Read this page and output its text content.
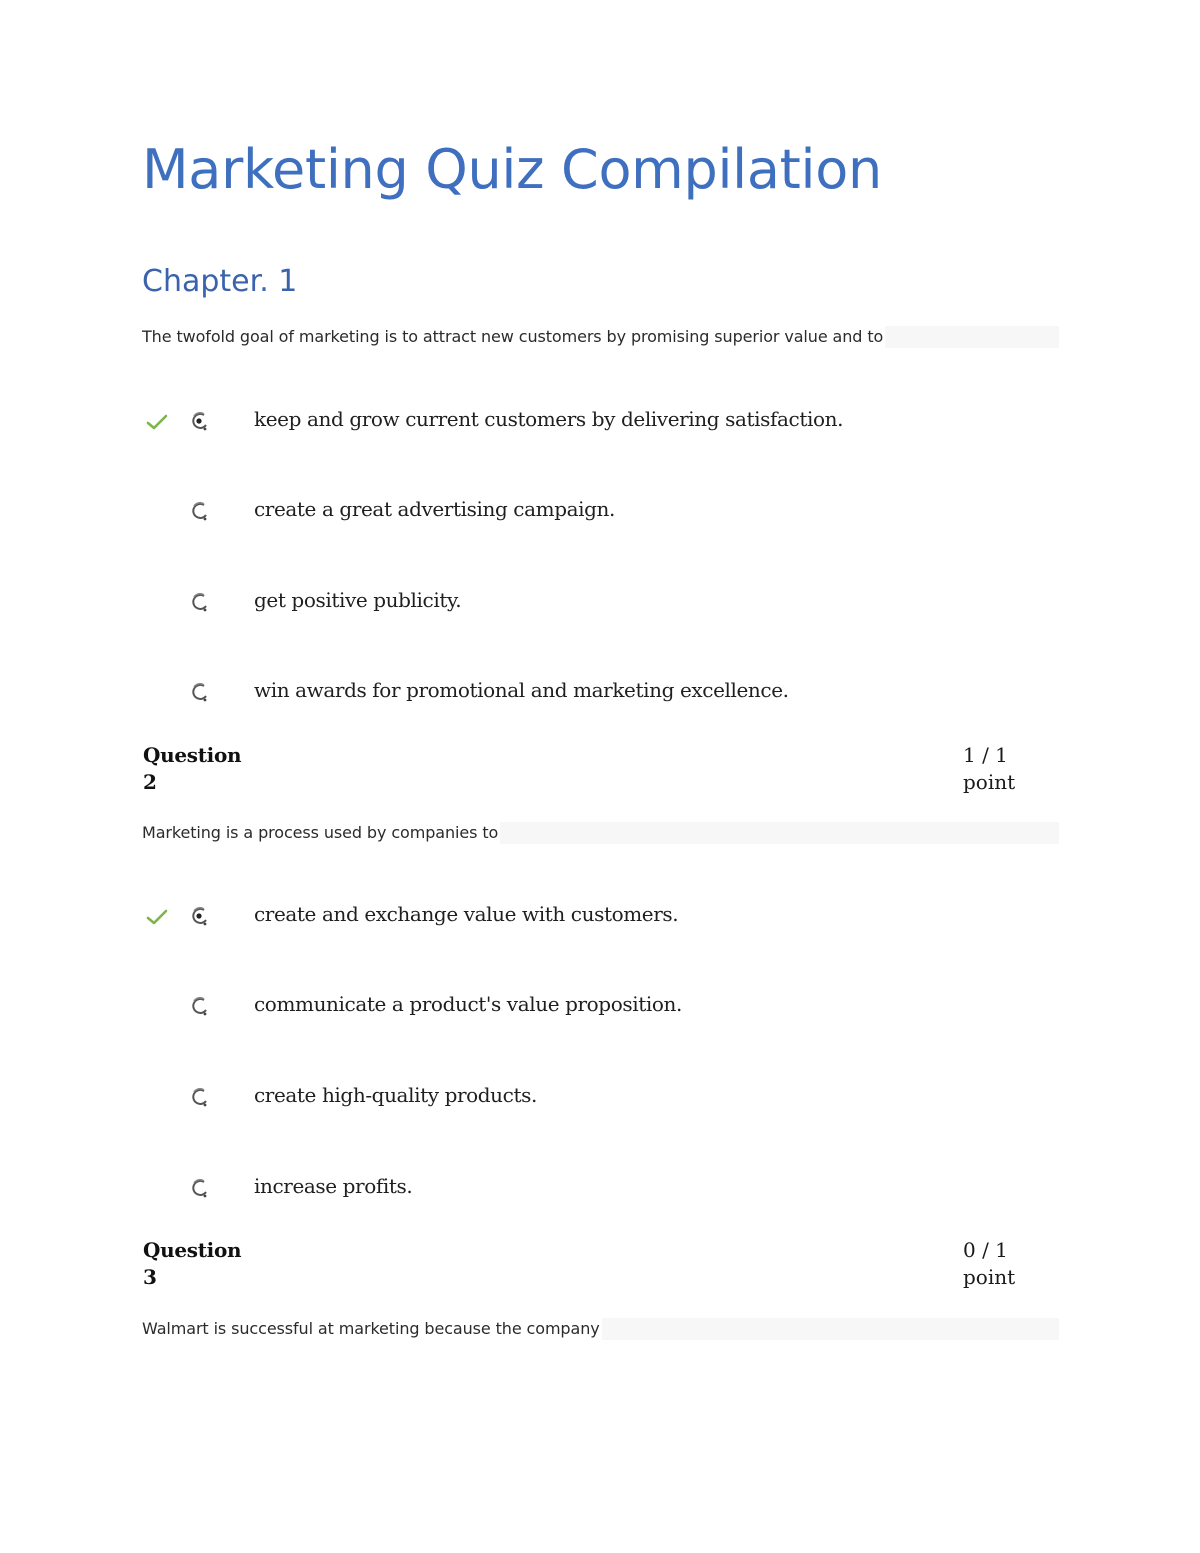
Marketing Quiz Compilation
Chapter. 1
The twofold goal of marketing is to attract new customers by promising superior value and to
keep and grow current customers by delivering satisfaction.
create a great advertising campaign.
get positive publicity.
win awards for promotional and marketing excellence.
Question
2
1 / 1
point
Marketing is a process used by companies to
create and exchange value with customers.
communicate a product's value proposition.
create high-quality products.
increase profits.
Question
3
0 / 1
point
Walmart is successful at marketing because the company
